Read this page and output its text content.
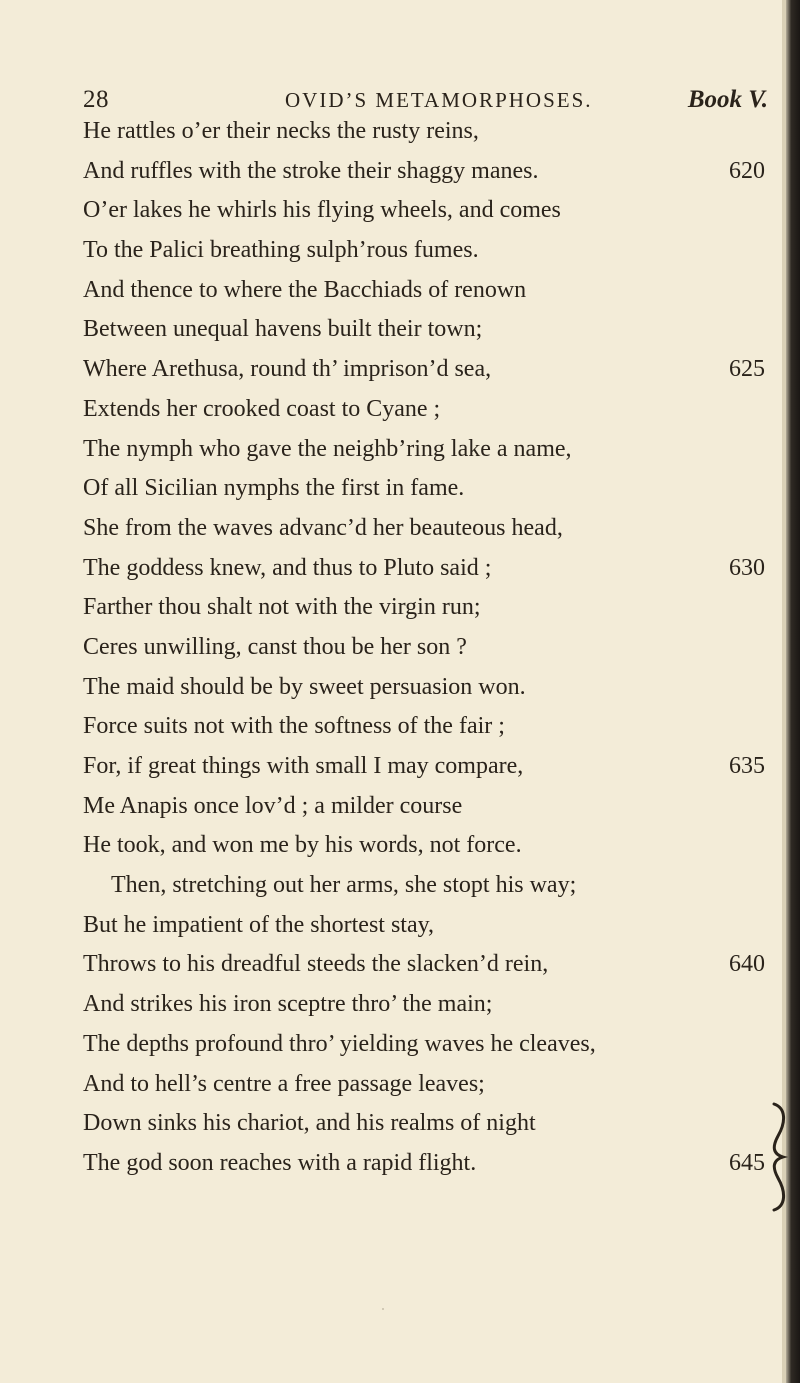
28	OVID’S METAMORPHOSES.	Book V.
He rattles o’er their necks the rusty reins,
And ruffles with the stroke their shaggy manes.	620
O’er lakes he whirls his flying wheels, and comes
To the Palici breathing sulph’rous fumes.
And thence to where the Bacchiads of renown
Between unequal havens built their town;
Where Arethusa, round th’ imprison’d sea,	625
Extends her crooked coast to Cyane ;
The nymph who gave the neighb’ring lake a name,
Of all Sicilian nymphs the first in fame.
She from the waves advanc’d her beauteous head,
The goddess knew, and thus to Pluto said ;	630
Farther thou shalt not with the virgin run;
Ceres unwilling, canst thou be her son ?
The maid should be by sweet persuasion won.
Force suits not with the softness of the fair ;
For, if great things with small I may compare,	635
Me Anapis once lov’d ; a milder course
He took, and won me by his words, not force.
Then, stretching out her arms, she stopt his way;
But he impatient of the shortest stay,
Throws to his dreadful steeds the slacken’d rein,	640
And strikes his iron sceptre thro’ the main;
The depths profound thro’ yielding waves he cleaves,
And to hell’s centre a free passage leaves;
Down sinks his chariot, and his realms of night
The god soon reaches with a rapid flight.	645
